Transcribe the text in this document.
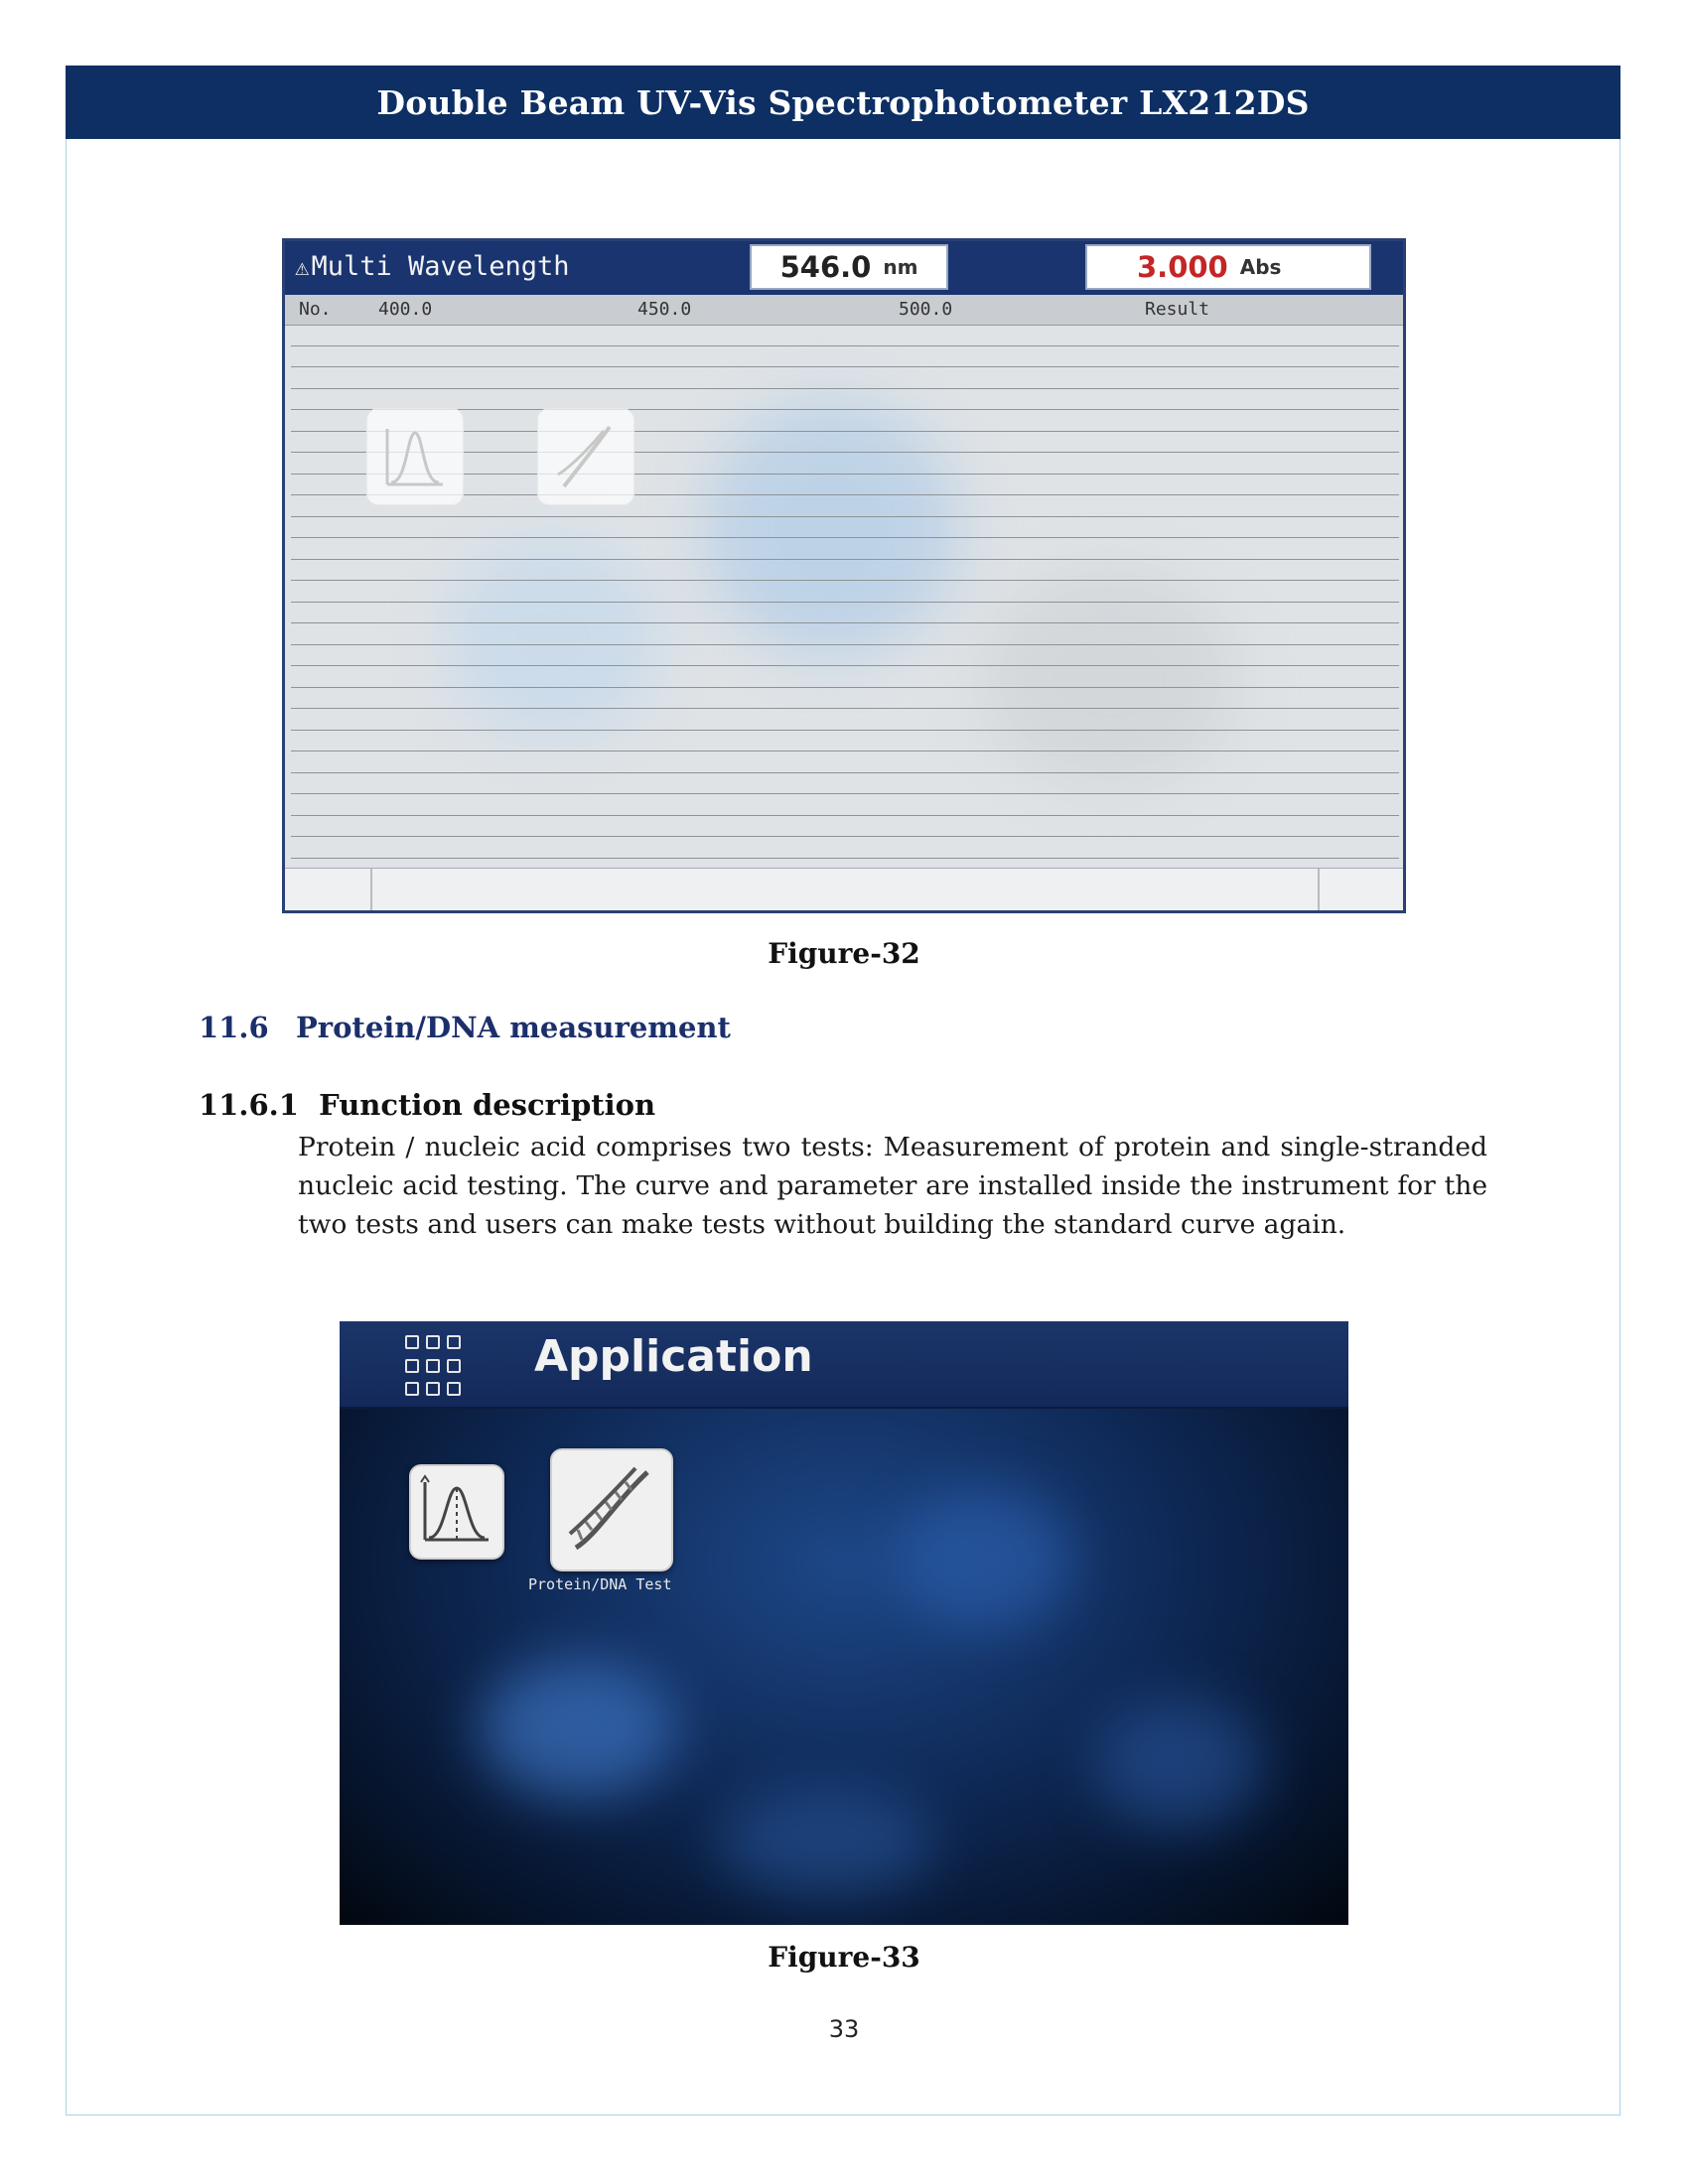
Double Beam UV-Vis Spectrophotometer LX212DS
⚠Multi Wavelength	546.0 nm	3.000 Abs
No.	400.0	450.0	500.0	Result
Figure-32
11.6 Protein/DNA measurement
11.6.1 Function description
Protein / nucleic acid comprises two tests: Measurement of protein and single-stranded nucleic acid testing. The curve and parameter are installed inside the instrument for the two tests and users can make tests without building the standard curve again.
Application
Protein/DNA Test
Figure-33
33
